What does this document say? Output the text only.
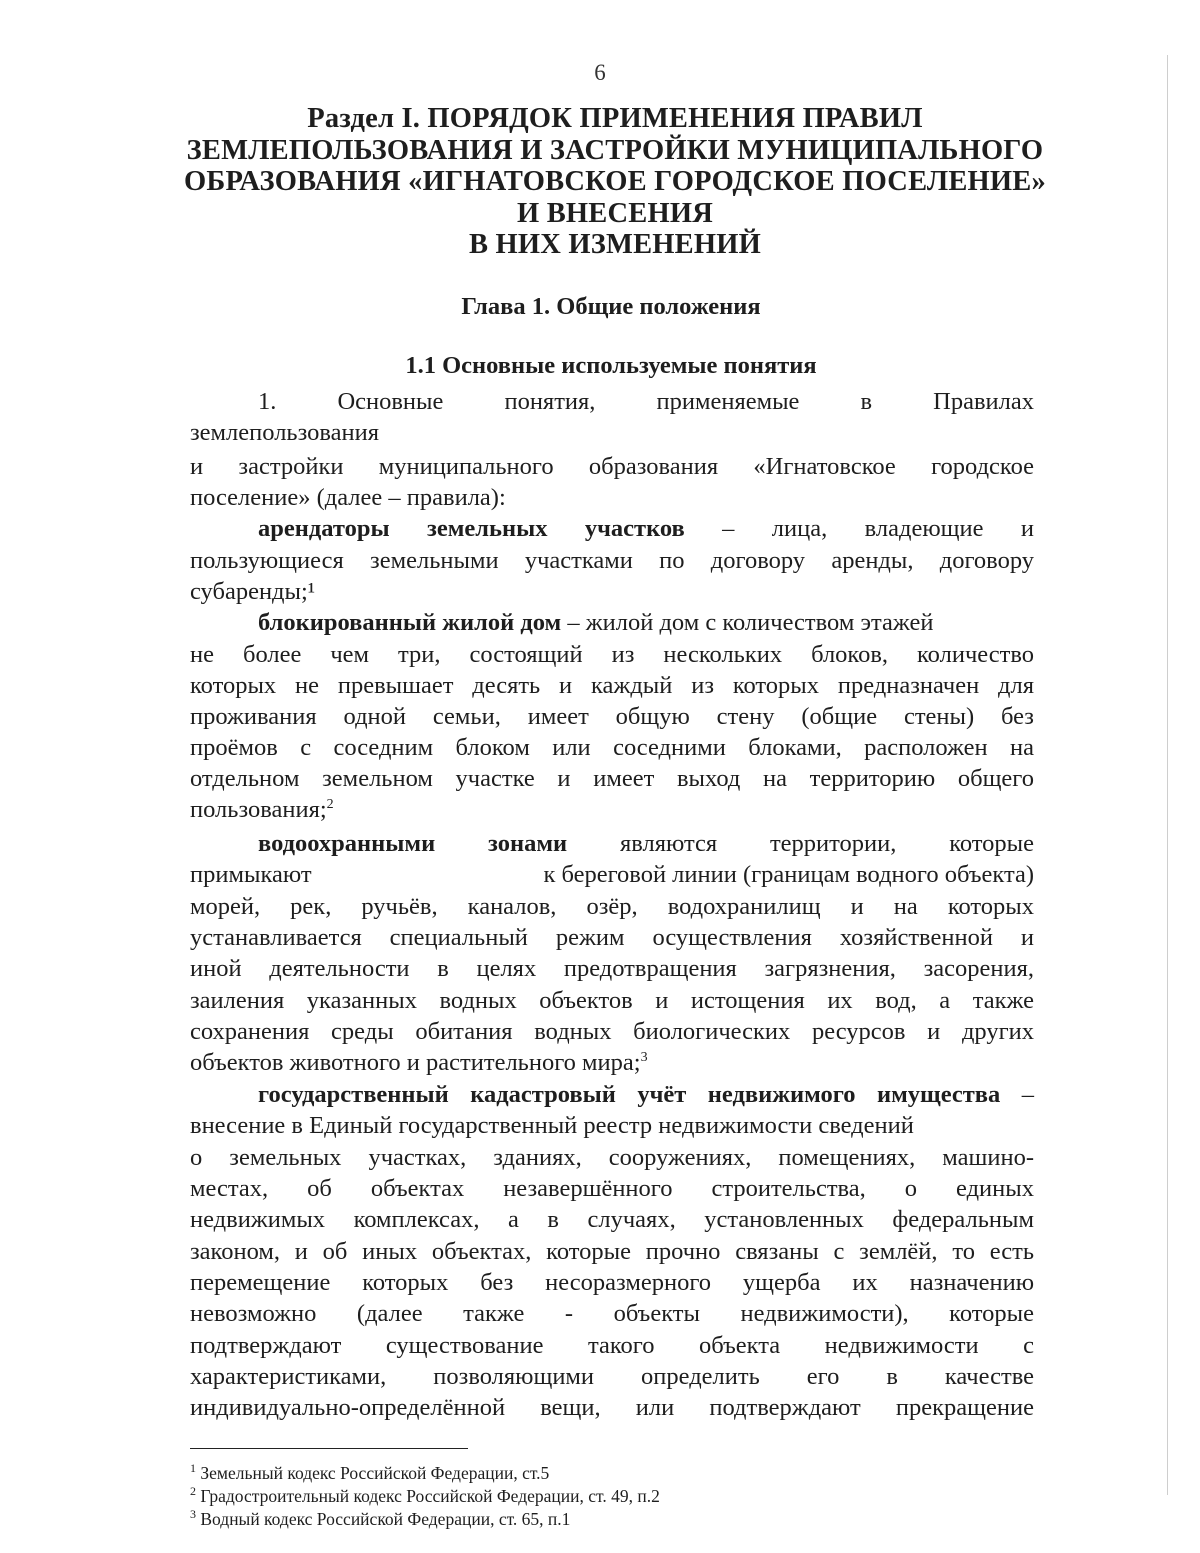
6
Раздел I. ПОРЯДОК ПРИМЕНЕНИЯ ПРАВИЛ
ЗЕМЛЕПОЛЬЗОВАНИЯ И ЗАСТРОЙКИ МУНИЦИПАЛЬНОГО
ОБРАЗОВАНИЯ «ИГНАТОВСКОЕ ГОРОДСКОЕ ПОСЕЛЕНИЕ»
И ВНЕСЕНИЯ
В НИХ ИЗМЕНЕНИЙ
Глава 1. Общие положения
1.1 Основные используемые понятия
1. Основные понятия, применяемые в Правилах
землепользования
и застройки муниципального образования «Игнатовское городское
поселение» (далее – правила):
арендаторы земельных участков – лица, владеющие и
пользующиеся земельными участками по договору аренды, договору
субаренды;¹
блокированный жилой дом – жилой дом с количеством этажей
не более чем три, состоящий из нескольких блоков, количество
которых не превышает десять и каждый из которых предназначен для
проживания одной семьи, имеет общую стену (общие стены) без
проёмов с соседним блоком или соседними блоками, расположен на
отдельном земельном участке и имеет выход на территорию общего
пользования;$^2$
водоохранными зонами являются территории, которые
примыкают	к береговой линии (границам водного объекта)
морей, рек, ручьёв, каналов, озёр, водохранилищ и на которых
устанавливается специальный режим осуществления хозяйственной и
иной деятельности в целях предотвращения загрязнения, засорения,
заиления указанных водных объектов и истощения их вод, а также
сохранения среды обитания водных биологических ресурсов и других
объектов животного и растительного мира;$^3$
государственный кадастровый учёт недвижимого имущества –
внесение в Единый государственный реестр недвижимости сведений
о земельных участках, зданиях, сооружениях, помещениях, машино-
местах, об объектах незавершённого строительства, о единых
недвижимых комплексах, а в случаях, установленных федеральным
законом, и об иных объектах, которые прочно связаны с землёй, то есть
перемещение которых без несоразмерного ущерба их назначению
невозможно (далее также - объекты недвижимости), которые
подтверждают существование такого объекта недвижимости с
характеристиками, позволяющими определить его в качестве
индивидуально-определённой вещи, или подтверждают прекращение
$^1$ Земельный кодекс Российской Федерации, ст.5
$^2$ Градостроительный кодекс Российской Федерации, ст. 49, п.2
$^3$ Водный кодекс Российской Федерации, ст. 65, п.1
